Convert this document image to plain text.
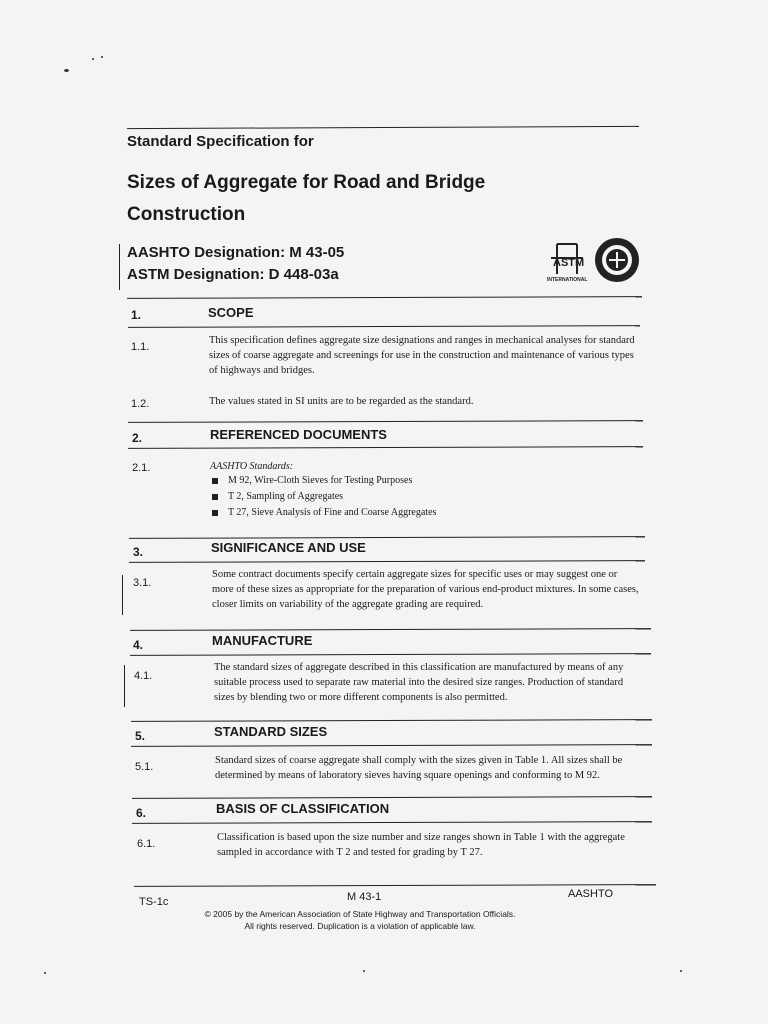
Standard Specification for
Sizes of Aggregate for Road and Bridge Construction
AASHTO Designation: M 43-05
ASTM Designation: D 448-03a
ASTM
INTERNATIONAL
1.	SCOPE
1.1.
This specification defines aggregate size designations and ranges in mechanical analyses for standard sizes of coarse aggregate and screenings for use in the construction and maintenance of various types of highways and bridges.
1.2.	The values stated in SI units are to be regarded as the standard.
2.	REFERENCED DOCUMENTS
2.1.	AASHTO Standards:
M 92, Wire-Cloth Sieves for Testing Purposes
T 2, Sampling of Aggregates
T 27, Sieve Analysis of Fine and Coarse Aggregates
3.	SIGNIFICANCE AND USE
3.1.
Some contract documents specify certain aggregate sizes for specific uses or may suggest one or more of these sizes as appropriate for the preparation of various end-product mixtures. In some cases, closer limits on variability of the aggregate grading are required.
4.	MANUFACTURE
4.1.
The standard sizes of aggregate described in this classification are manufactured by means of any suitable process used to separate raw material into the desired size ranges. Production of standard sizes by blending two or more different components is also permitted.
5.	STANDARD SIZES
5.1.
Standard sizes of coarse aggregate shall comply with the sizes given in Table 1. All sizes shall be determined by means of laboratory sieves having square openings and conforming to M 92.
6.	BASIS OF CLASSIFICATION
6.1.
Classification is based upon the size number and size ranges shown in Table 1 with the aggregate sampled in accordance with T 2 and tested for grading by T 27.
TS-1c	M 43-1	AASHTO
© 2005 by the American Association of State Highway and Transportation Officials.
All rights reserved. Duplication is a violation of applicable law.
